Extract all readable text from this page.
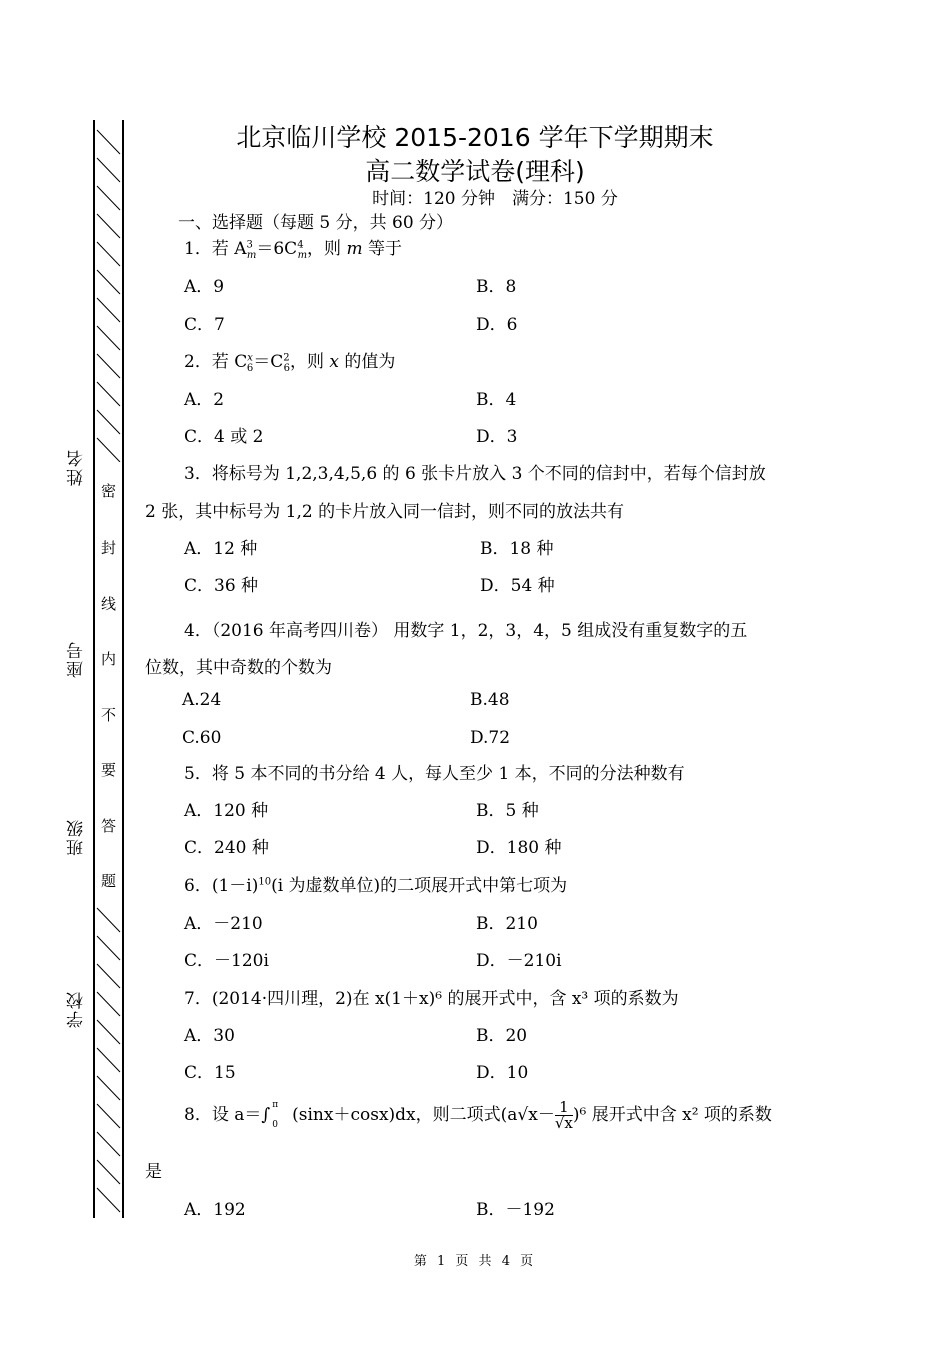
姓名
座号
班级
学校
密
封
线
内
不
要
答
题
北京临川学校 2015-2016 学年下学期期末
高二数学试卷(理科)
时间：120 分钟　满分：150 分
一、选择题（每题 5 分，共 60 分）
1．若 $A^3_m=6C^4_m$，则 m 等于
A．9	B．8
C．7	D．6
2．若 $C^x_6=C^2_6$，则 x 的值为
A．2	B．4
C．4 或 2	D．3
3．将标号为 1,2,3,4,5,6 的 6 张卡片放入 3 个不同的信封中，若每个信封放
2 张，其中标号为 1,2 的卡片放入同一信封，则不同的放法共有
A．12 种	B．18 种
C．36 种	D．54 种
4．（2016 年高考四川卷） 用数字 1，2，3，4，5 组成没有重复数字的五
位数，其中奇数的个数为
A.24	B.48
C.60	D.72
5．将 5 本不同的书分给 4 人，每人至少 1 本，不同的分法种数有
A．120 种	B．5 种
C．240 种	D．180 种
6．$(1-i)^{10}(i$ 为虚数单位)的二项展开式中第七项为
A．－210	B．210
C．－120i	D．－210i
7．(2014·四川理，2)在 x(1＋x)⁶ 的展开式中，含 x³ 项的系数为
A．30	B．20
C．15	D．10
8．设 a＝∫
π
0 (sinx＋cosx)dx，则二项式$(a√x- \frac{1}{√x} )^6$ 展开式中含 x² 项的系数
是
A．192	B．－192
第 1 页 共 4 页
